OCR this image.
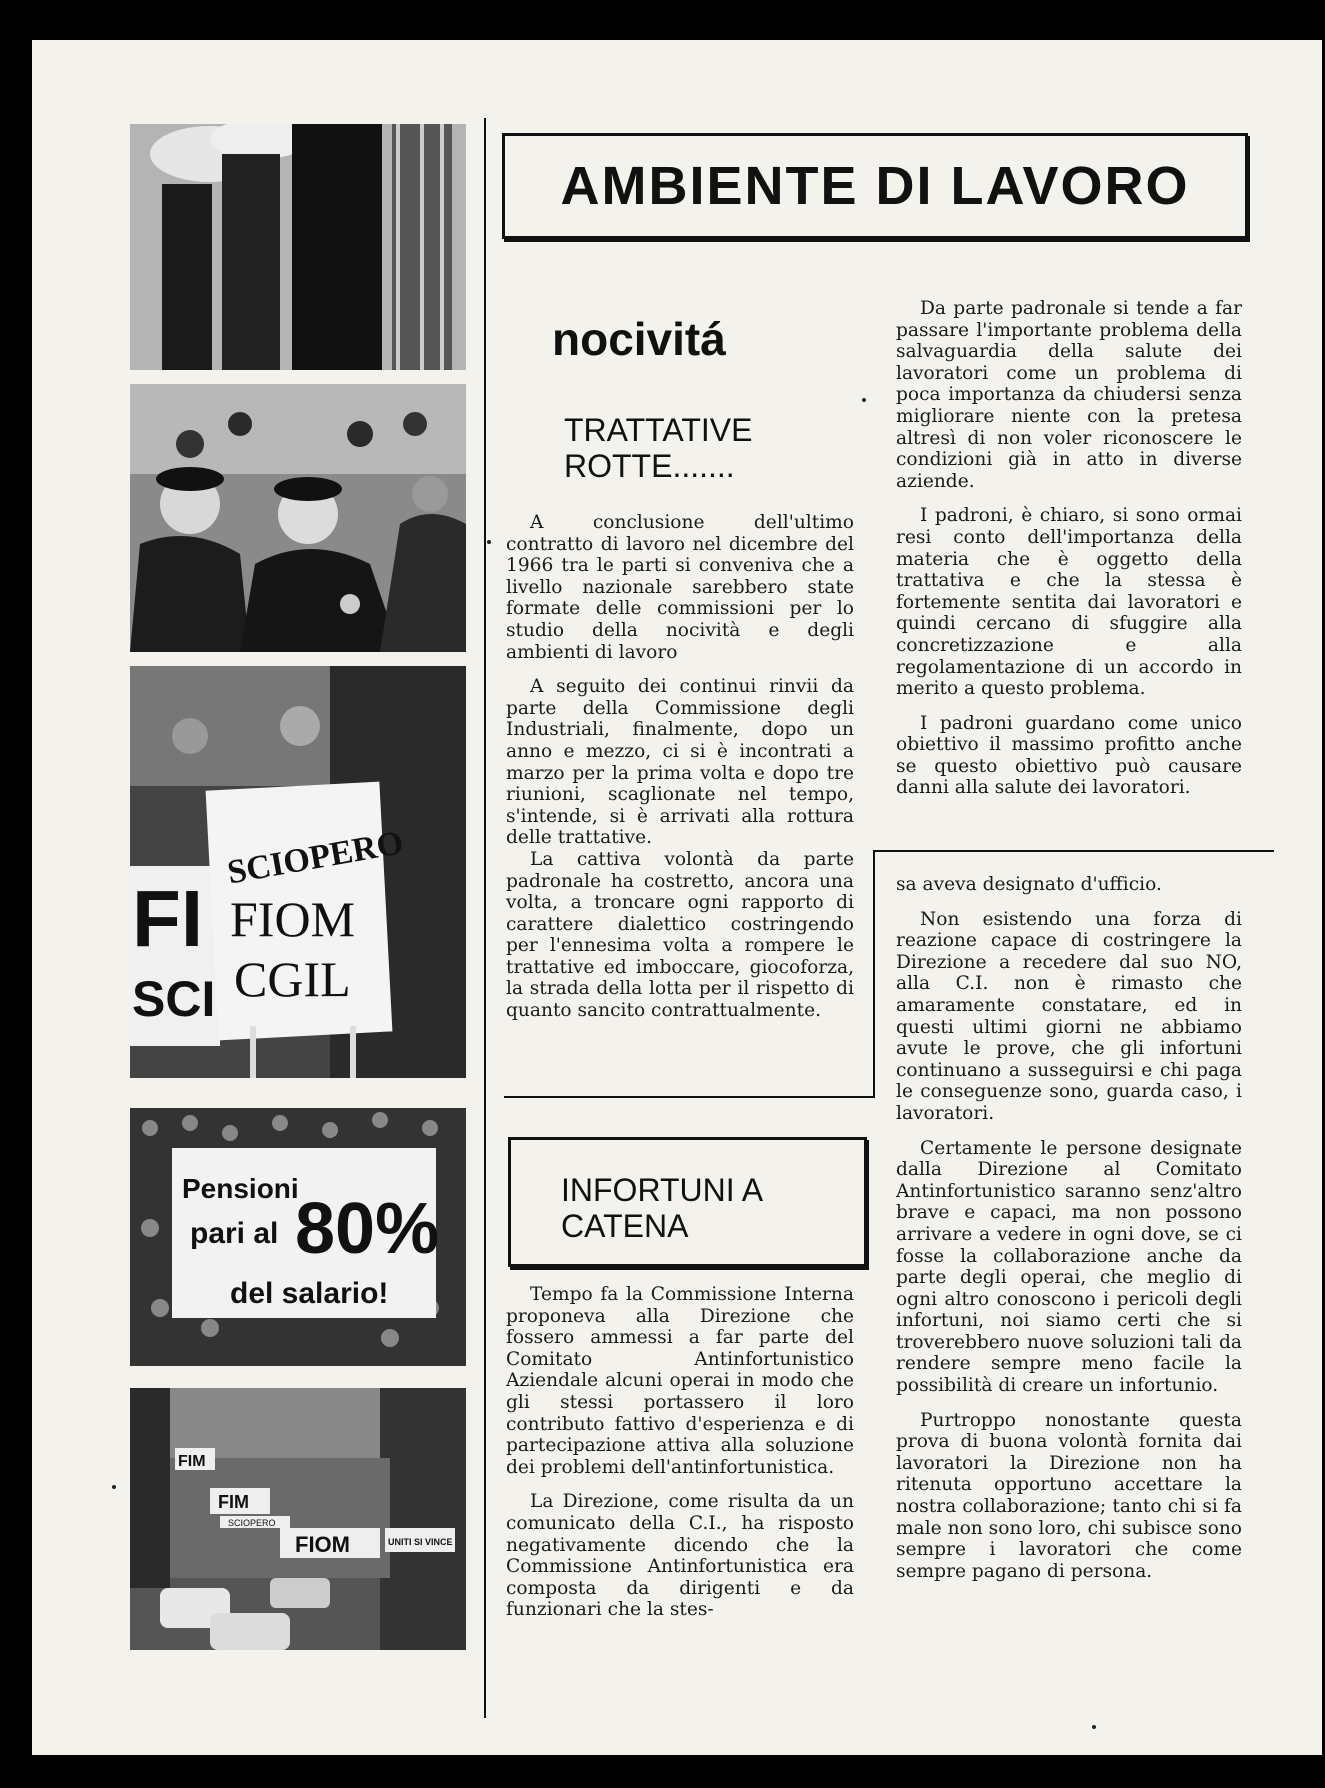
FI
SCI
SCIOPERO
FIOM
CGIL
Pensioni
pari al 80%
del salario!
FIM
SCIOPERO
FIOM	UNITI SI VINCE
FIM
AMBIENTE DI LAVORO
nocivitá
TRATTATIVE
ROTTE.......

A conclusione dell'ultimo contratto di lavoro nel dicembre del 1966 tra le parti si conveniva che a livello nazionale sarebbero state formate delle commissioni per lo studio della nocività e degli ambienti di lavoro

A seguito dei continui rinvii da parte della Commissione degli Industriali, finalmente, dopo un anno e mezzo, ci si è incontrati a marzo per la prima volta e dopo tre riunioni, scaglionate nel tempo, s'intende, si è arrivati alla rottura delle trattative.

La cattiva volontà da parte padronale ha costretto, ancora una volta, a troncare ogni rapporto di carattere dialettico costringendo per l'ennesima volta a rompere le trattative ed imboccare, giocoforza, la strada della lotta per il rispetto di quanto sancito contrattualmente.

Da parte padronale si tende a far passare l'importante problema della salvaguardia della salute dei lavoratori come un problema di poca importanza da chiudersi senza migliorare niente con la pretesa altresì di non voler riconoscere le condizioni già in atto in diverse aziende.

I padroni, è chiaro, si sono ormai resi conto dell'importanza della materia che è oggetto della trattativa e che la stessa è fortemente sentita dai lavoratori e quindi cercano di sfuggire alla concretizzazione e alla regolamentazione di un accordo in merito a questo problema.

I padroni guardano come unico obiettivo il massimo profitto anche se questo obiettivo può causare danni alla salute dei lavoratori.

INFORTUNI A
CATENA

Tempo fa la Commissione Interna proponeva alla Direzione che fossero ammessi a far parte del Comitato Antinfortunistico Aziendale alcuni operai in modo che gli stessi portassero il loro contributo fattivo d'esperienza e di partecipazione attiva alla soluzione dei problemi dell'antinfortunistica.

La Direzione, come risulta da un comunicato della C.I., ha risposto negativamente dicendo che la Commissione Antinfortunistica era composta da dirigenti e da funzionari che la stes-

sa aveva designato d'ufficio.

Non esistendo una forza di reazione capace di costringere la Direzione a recedere dal suo NO, alla C.I. non è rimasto che amaramente constatare, ed in questi ultimi giorni ne abbiamo avute le prove, che gli infortuni continuano a susseguirsi e chi paga le conseguenze sono, guarda caso, i lavoratori.

Certamente le persone designate dalla Direzione al Comitato Antinfortunistico saranno senz'altro brave e capaci, ma non possono arrivare a vedere in ogni dove, se ci fosse la collaborazione anche da parte degli operai, che meglio di ogni altro conoscono i pericoli degli infortuni, noi siamo certi che si troverebbero nuove soluzioni tali da rendere sempre meno facile la possibilità di creare un infortunio.

Purtroppo nonostante questa prova di buona volontà fornita dai lavoratori la Direzione non ha ritenuta opportuno accettare la nostra collaborazione; tanto chi si fa male non sono loro, chi subisce sono sempre i lavoratori che come sempre pagano di persona.
